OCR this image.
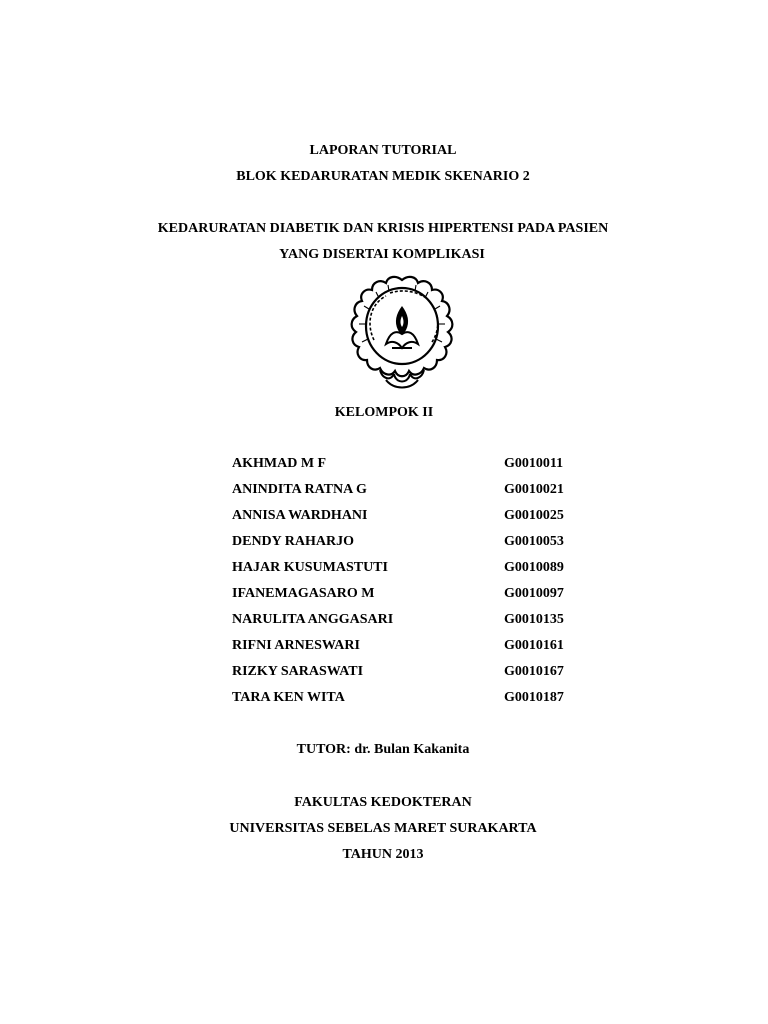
LAPORAN TUTORIAL
BLOK KEDARURATAN MEDIK SKENARIO 2
KEDARURATAN DIABETIK DAN KRISIS HIPERTENSI PADA PASIEN
YANG DISERTAI KOMPLIKASI
KELOMPOK II
AKHMAD M F	G0010011
ANINDITA RATNA G	G0010021
ANNISA WARDHANI	G0010025
DENDY RAHARJO	G0010053
HAJAR KUSUMASTUTI	G0010089
IFANEMAGASARO M	G0010097
NARULITA ANGGASARI	G0010135
RIFNI ARNESWARI	G0010161
RIZKY SARASWATI	G0010167
TARA KEN WITA	G0010187
TUTOR: dr. Bulan Kakanita
FAKULTAS KEDOKTERAN
UNIVERSITAS SEBELAS MARET SURAKARTA
TAHUN 2013
